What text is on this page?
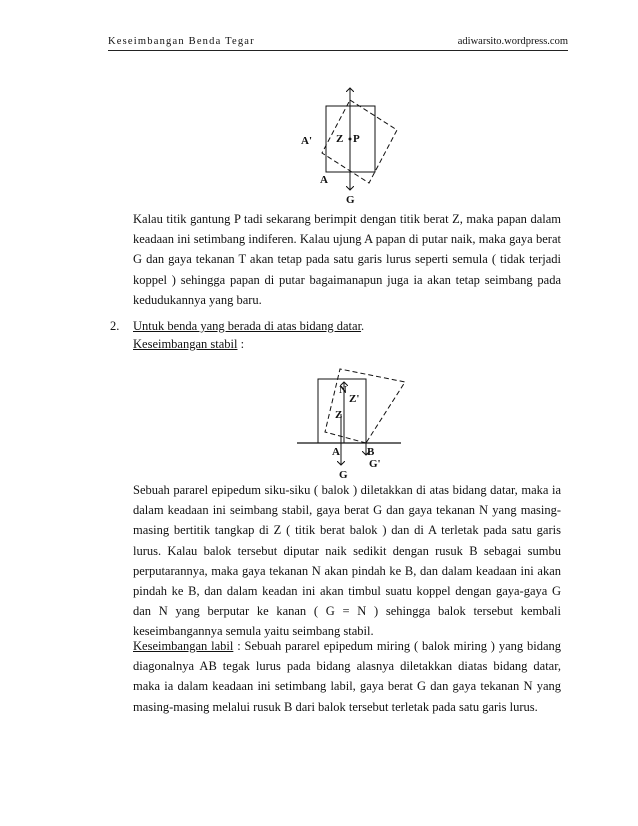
Keseimbangan Benda Tegar	adiwarsito.wordpress.com
A' Z P
A
G

Kalau titik gantung P tadi sekarang berimpit dengan titik berat Z, maka papan dalam keadaan ini setimbang indiferen. Kalau ujung A papan di putar naik, maka gaya berat G dan gaya tekanan T akan tetap pada satu garis lurus seperti semula ( tidak terjadi koppel ) sehingga papan di putar bagaimanapun juga ia akan tetap seimbang pada kedudukannya yang baru.

2. Untuk benda yang berada di atas bidang datar.
Keseimbangan stabil :
N
Z'
Z
A B
G'
G

Sebuah pararel epipedum siku-siku ( balok ) diletakkan di atas bidang datar, maka ia dalam keadaan ini seimbang stabil, gaya berat G dan gaya tekanan N yang masing-masing bertitik tangkap di Z ( titik berat balok ) dan di A terletak pada satu garis lurus. Kalau balok tersebut diputar naik sedikit dengan rusuk B sebagai sumbu perputarannya, maka gaya tekanan N akan pindah ke B, dan dalam keadaan ini akan pindah ke B, dan dalam keadan ini akan timbul suatu koppel dengan gaya-gaya G dan N yang berputar ke kanan ( G = N ) sehingga balok tersebut kembali keseimbangannya semula yaitu seimbang stabil.

Keseimbangan labil : Sebuah pararel epipedum miring ( balok miring ) yang bidang diagonalnya AB tegak lurus pada bidang alasnya diletakkan diatas bidang datar, maka ia dalam keadaan ini setimbang labil, gaya berat G dan gaya tekanan N yang masing-masing melalui rusuk B dari balok tersebut terletak pada satu garis lurus.
